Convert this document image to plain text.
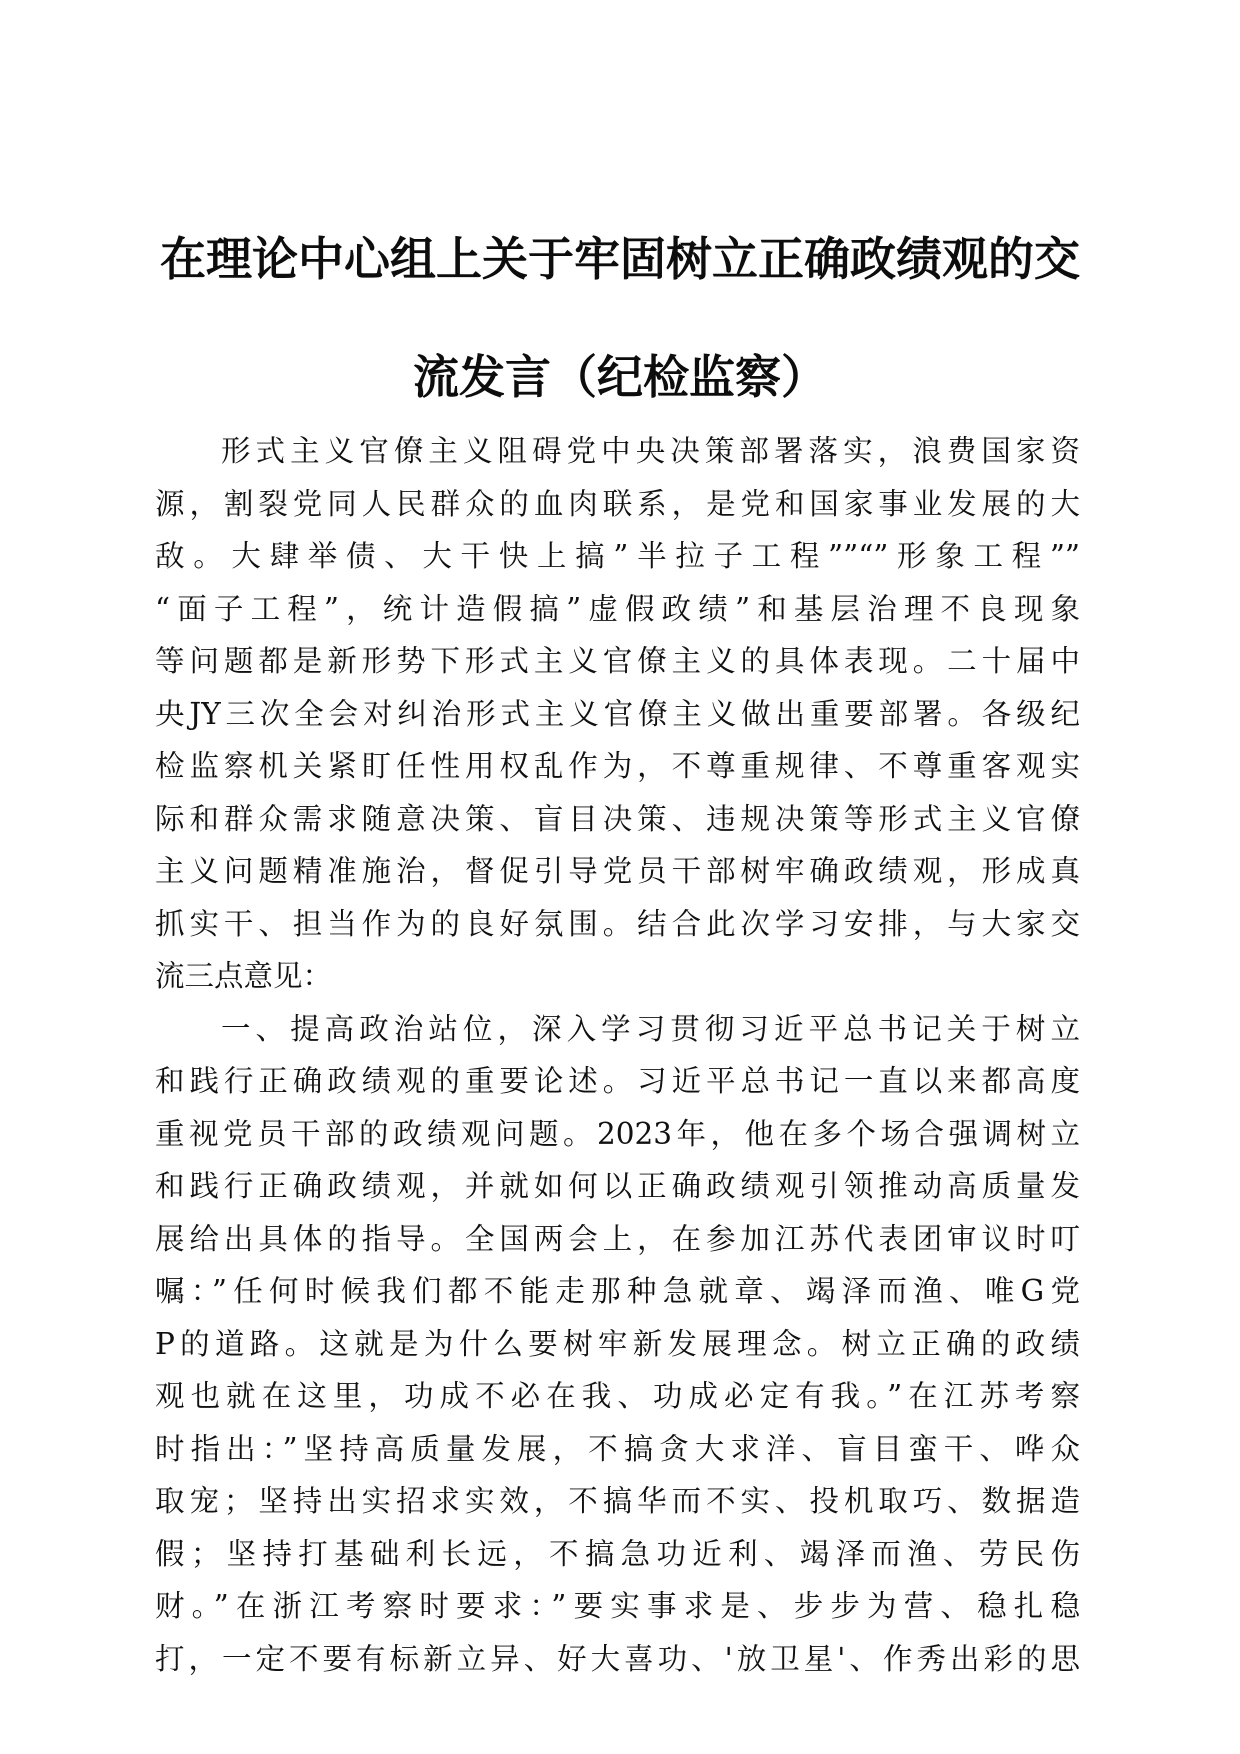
在理论中心组上关于牢固树立正确政绩观的交
流发言（纪检监察）
形式主义官僚主义阻碍党中央决策部署落实，浪费国家资
源，割裂党同人民群众的血肉联系，是党和国家事业发展的大
敌。大肆举债、大干快上搞”半拉子工程””“”形象工程””
“面子工程”，统计造假搞”虚假政绩”和基层治理不良现象
等问题都是新形势下形式主义官僚主义的具体表现。二十届中
央JY三次全会对纠治形式主义官僚主义做出重要部署。各级纪
检监察机关紧盯任性用权乱作为，不尊重规律、不尊重客观实
际和群众需求随意决策、盲目决策、违规决策等形式主义官僚
主义问题精准施治，督促引导党员干部树牢确政绩观，形成真
抓实干、担当作为的良好氛围。结合此次学习安排，与大家交
流三点意见：
一、提高政治站位，深入学习贯彻习近平总书记关于树立
和践行正确政绩观的重要论述。习近平总书记一直以来都高度
重视党员干部的政绩观问题。2023年，他在多个场合强调树立
和践行正确政绩观，并就如何以正确政绩观引领推动高质量发
展给出具体的指导。全国两会上，在参加江苏代表团审议时叮
嘱：”任何时候我们都不能走那种急就章、竭泽而渔、唯G党
P的道路。这就是为什么要树牢新发展理念。树立正确的政绩
观也就在这里，功成不必在我、功成必定有我。”在江苏考察
时指出：”坚持高质量发展，不搞贪大求洋、盲目蛮干、哗众
取宠；坚持出实招求实效，不搞华而不实、投机取巧、数据造
假；坚持打基础利长远，不搞急功近利、竭泽而渔、劳民伤
财。”在浙江考察时要求：”要实事求是、步步为营、稳扎稳
打，一定不要有标新立异、好大喜功、'放卫星'、作秀出彩的思
